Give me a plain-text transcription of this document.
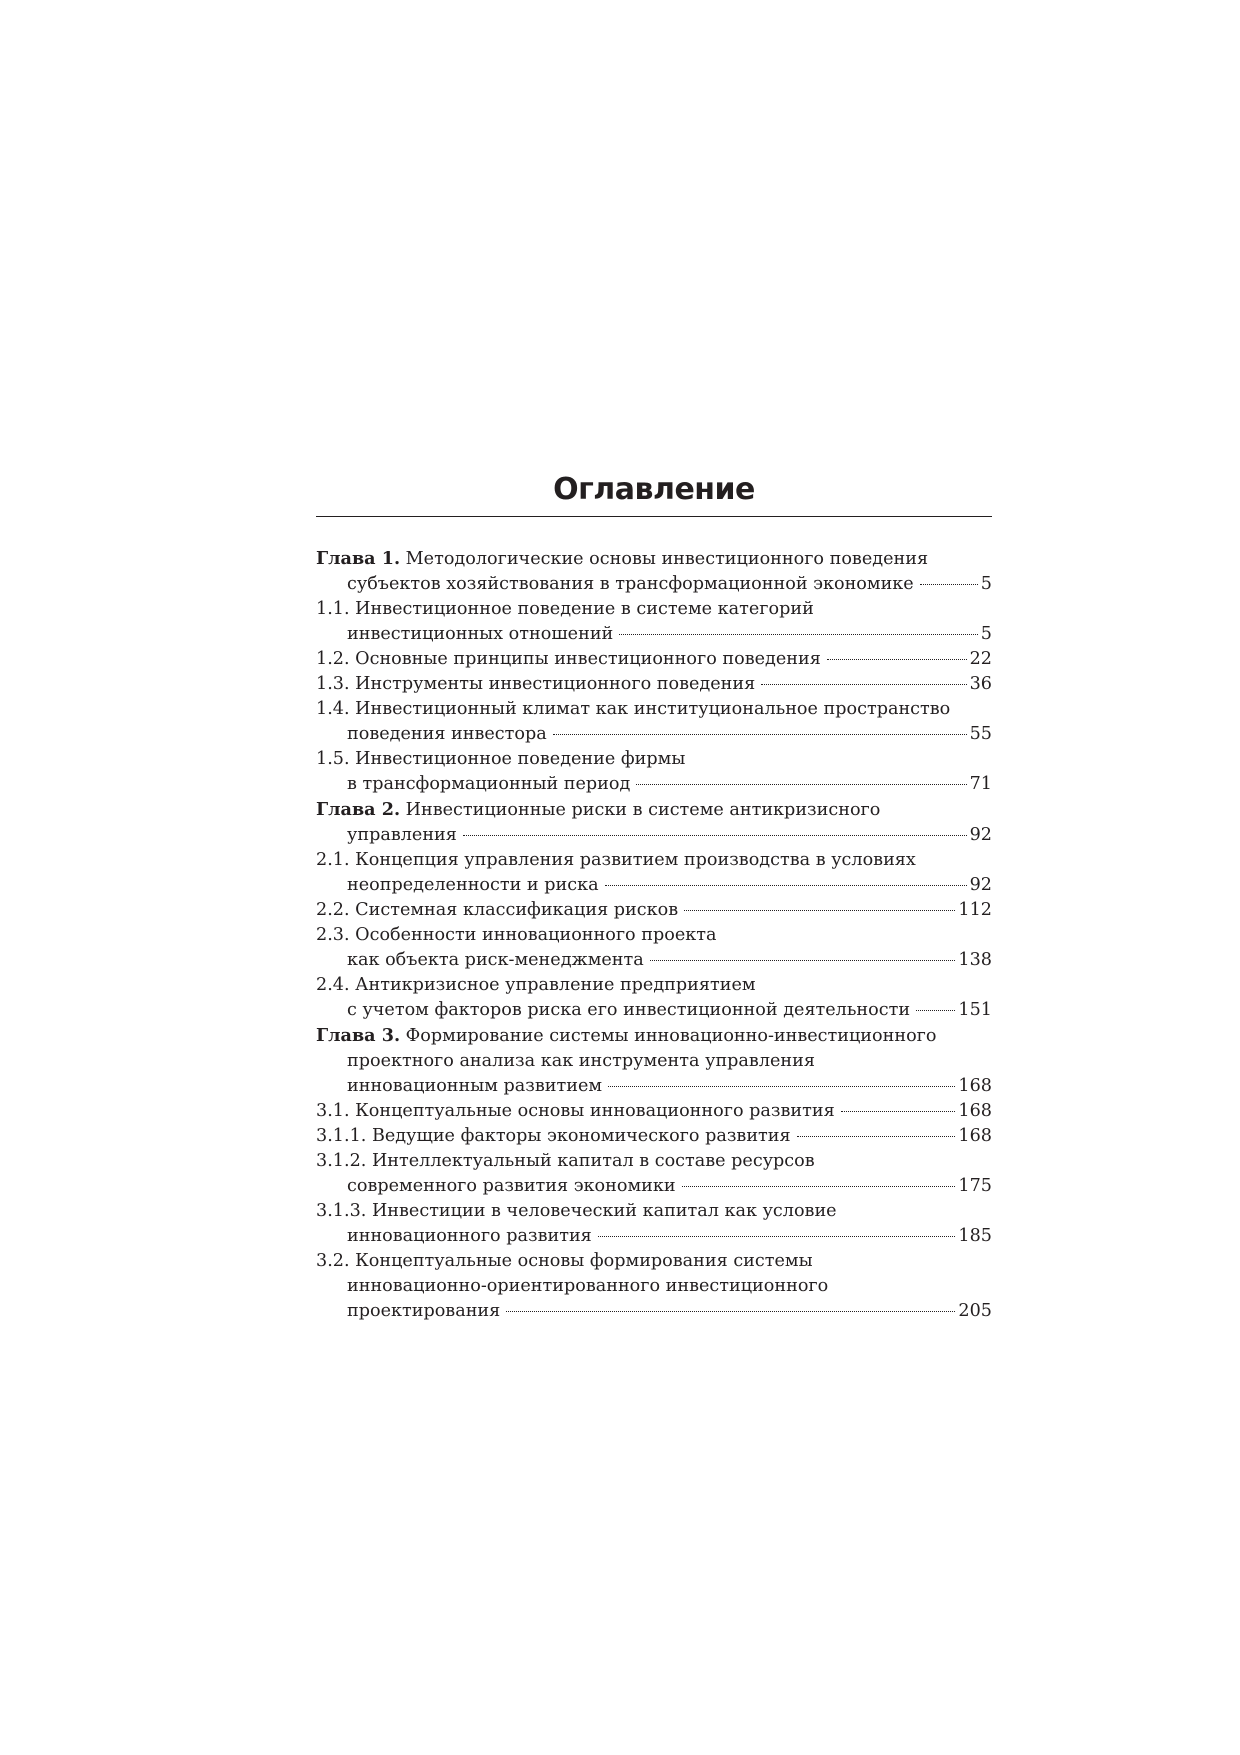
Оглавление
Глава 1. Методологические основы инвестиционного поведения
субъектов хозяйствования в трансформационной экономике	5
1.1. Инвестиционное поведение в системе категорий
инвестиционных отношений	5
1.2. Основные принципы инвестиционного поведения	22
1.3. Инструменты инвестиционного поведения	36
1.4. Инвестиционный климат как институциональное пространство
поведения инвестора	55
1.5. Инвестиционное поведение фирмы
в трансформационный период	71
Глава 2. Инвестиционные риски в системе антикризисного
управления	92
2.1. Концепция управления развитием производства в условиях
неопределенности и риска	92
2.2. Системная классификация рисков	112
2.3. Особенности инновационного проекта
как объекта риск-менеджмента	138
2.4. Антикризисное управление предприятием
с учетом факторов риска его инвестиционной деятельности	151
Глава 3. Формирование системы инновационно-инвестиционного
проектного анализа как инструмента управления
инновационным развитием	168
3.1. Концептуальные основы инновационного развития	168
3.1.1. Ведущие факторы экономического развития	168
3.1.2. Интеллектуальный капитал в составе ресурсов
современного развития экономики	175
3.1.3. Инвестиции в человеческий капитал как условие
инновационного развития	185
3.2. Концептуальные основы формирования системы
инновационно-ориентированного инвестиционного
проектирования	205
